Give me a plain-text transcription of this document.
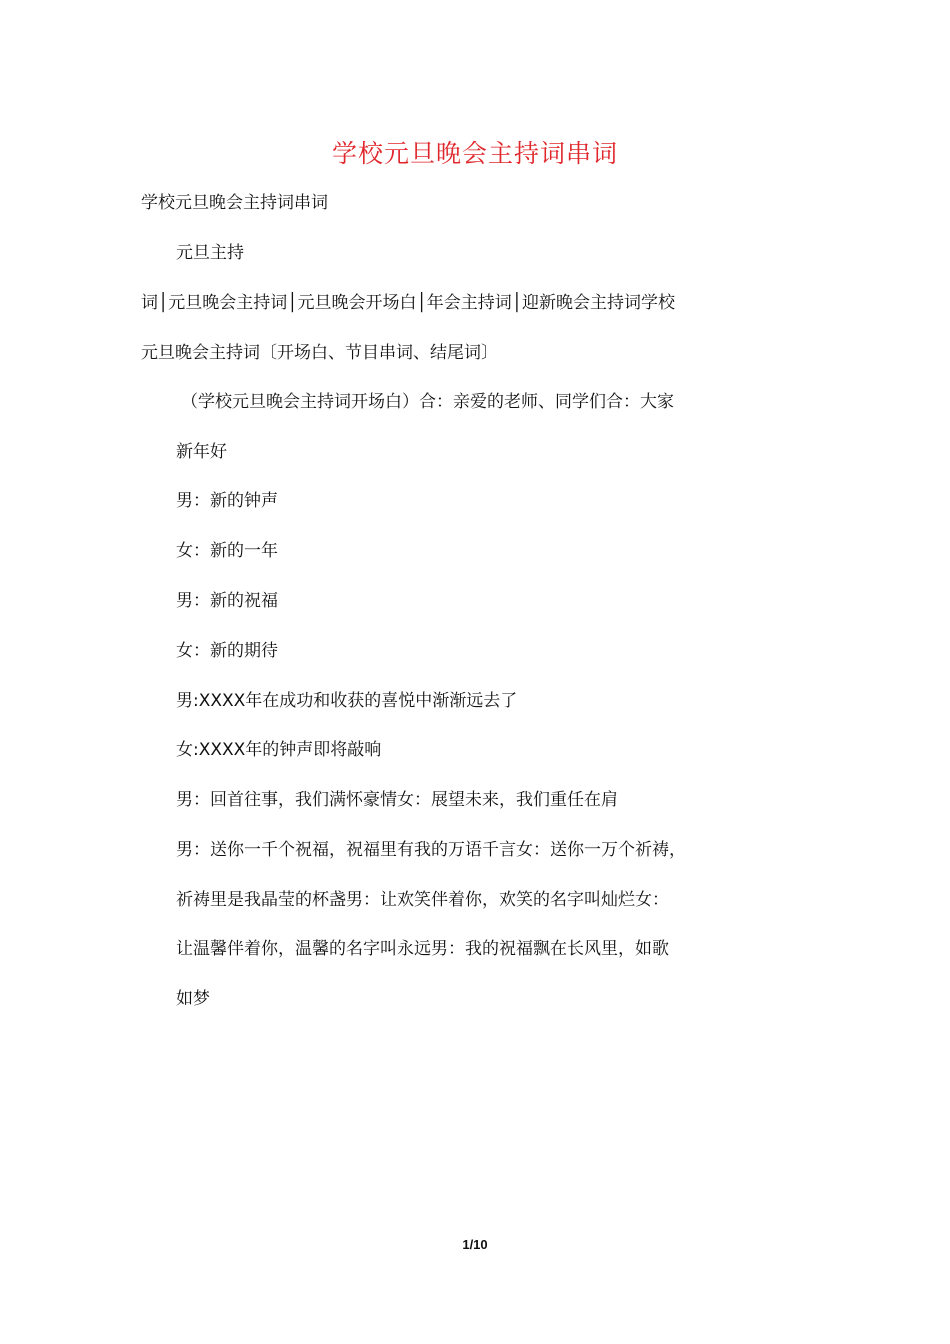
学校元旦晚会主持词串词
学校元旦晚会主持词串词
元旦主持
词│元旦晚会主持词│元旦晚会开场白│年会主持词│迎新晚会主持词学校
元旦晚会主持词〔开场白、节目串词、结尾词〕
（学校元旦晚会主持词开场白）合：亲爱的老师、同学们合：大家
新年好
男：新的钟声
女：新的一年
男：新的祝福
女：新的期待
男:XXXX年在成功和收获的喜悦中渐渐远去了
女:XXXX年的钟声即将敲响
男：回首往事，我们满怀豪情女：展望未来，我们重任在肩
男：送你一千个祝福，祝福里有我的万语千言女：送你一万个祈祷，
祈祷里是我晶莹的杯盏男：让欢笑伴着你，欢笑的名字叫灿烂女：
让温馨伴着你，温馨的名字叫永远男：我的祝福飘在长风里，如歌
如梦
1/10
